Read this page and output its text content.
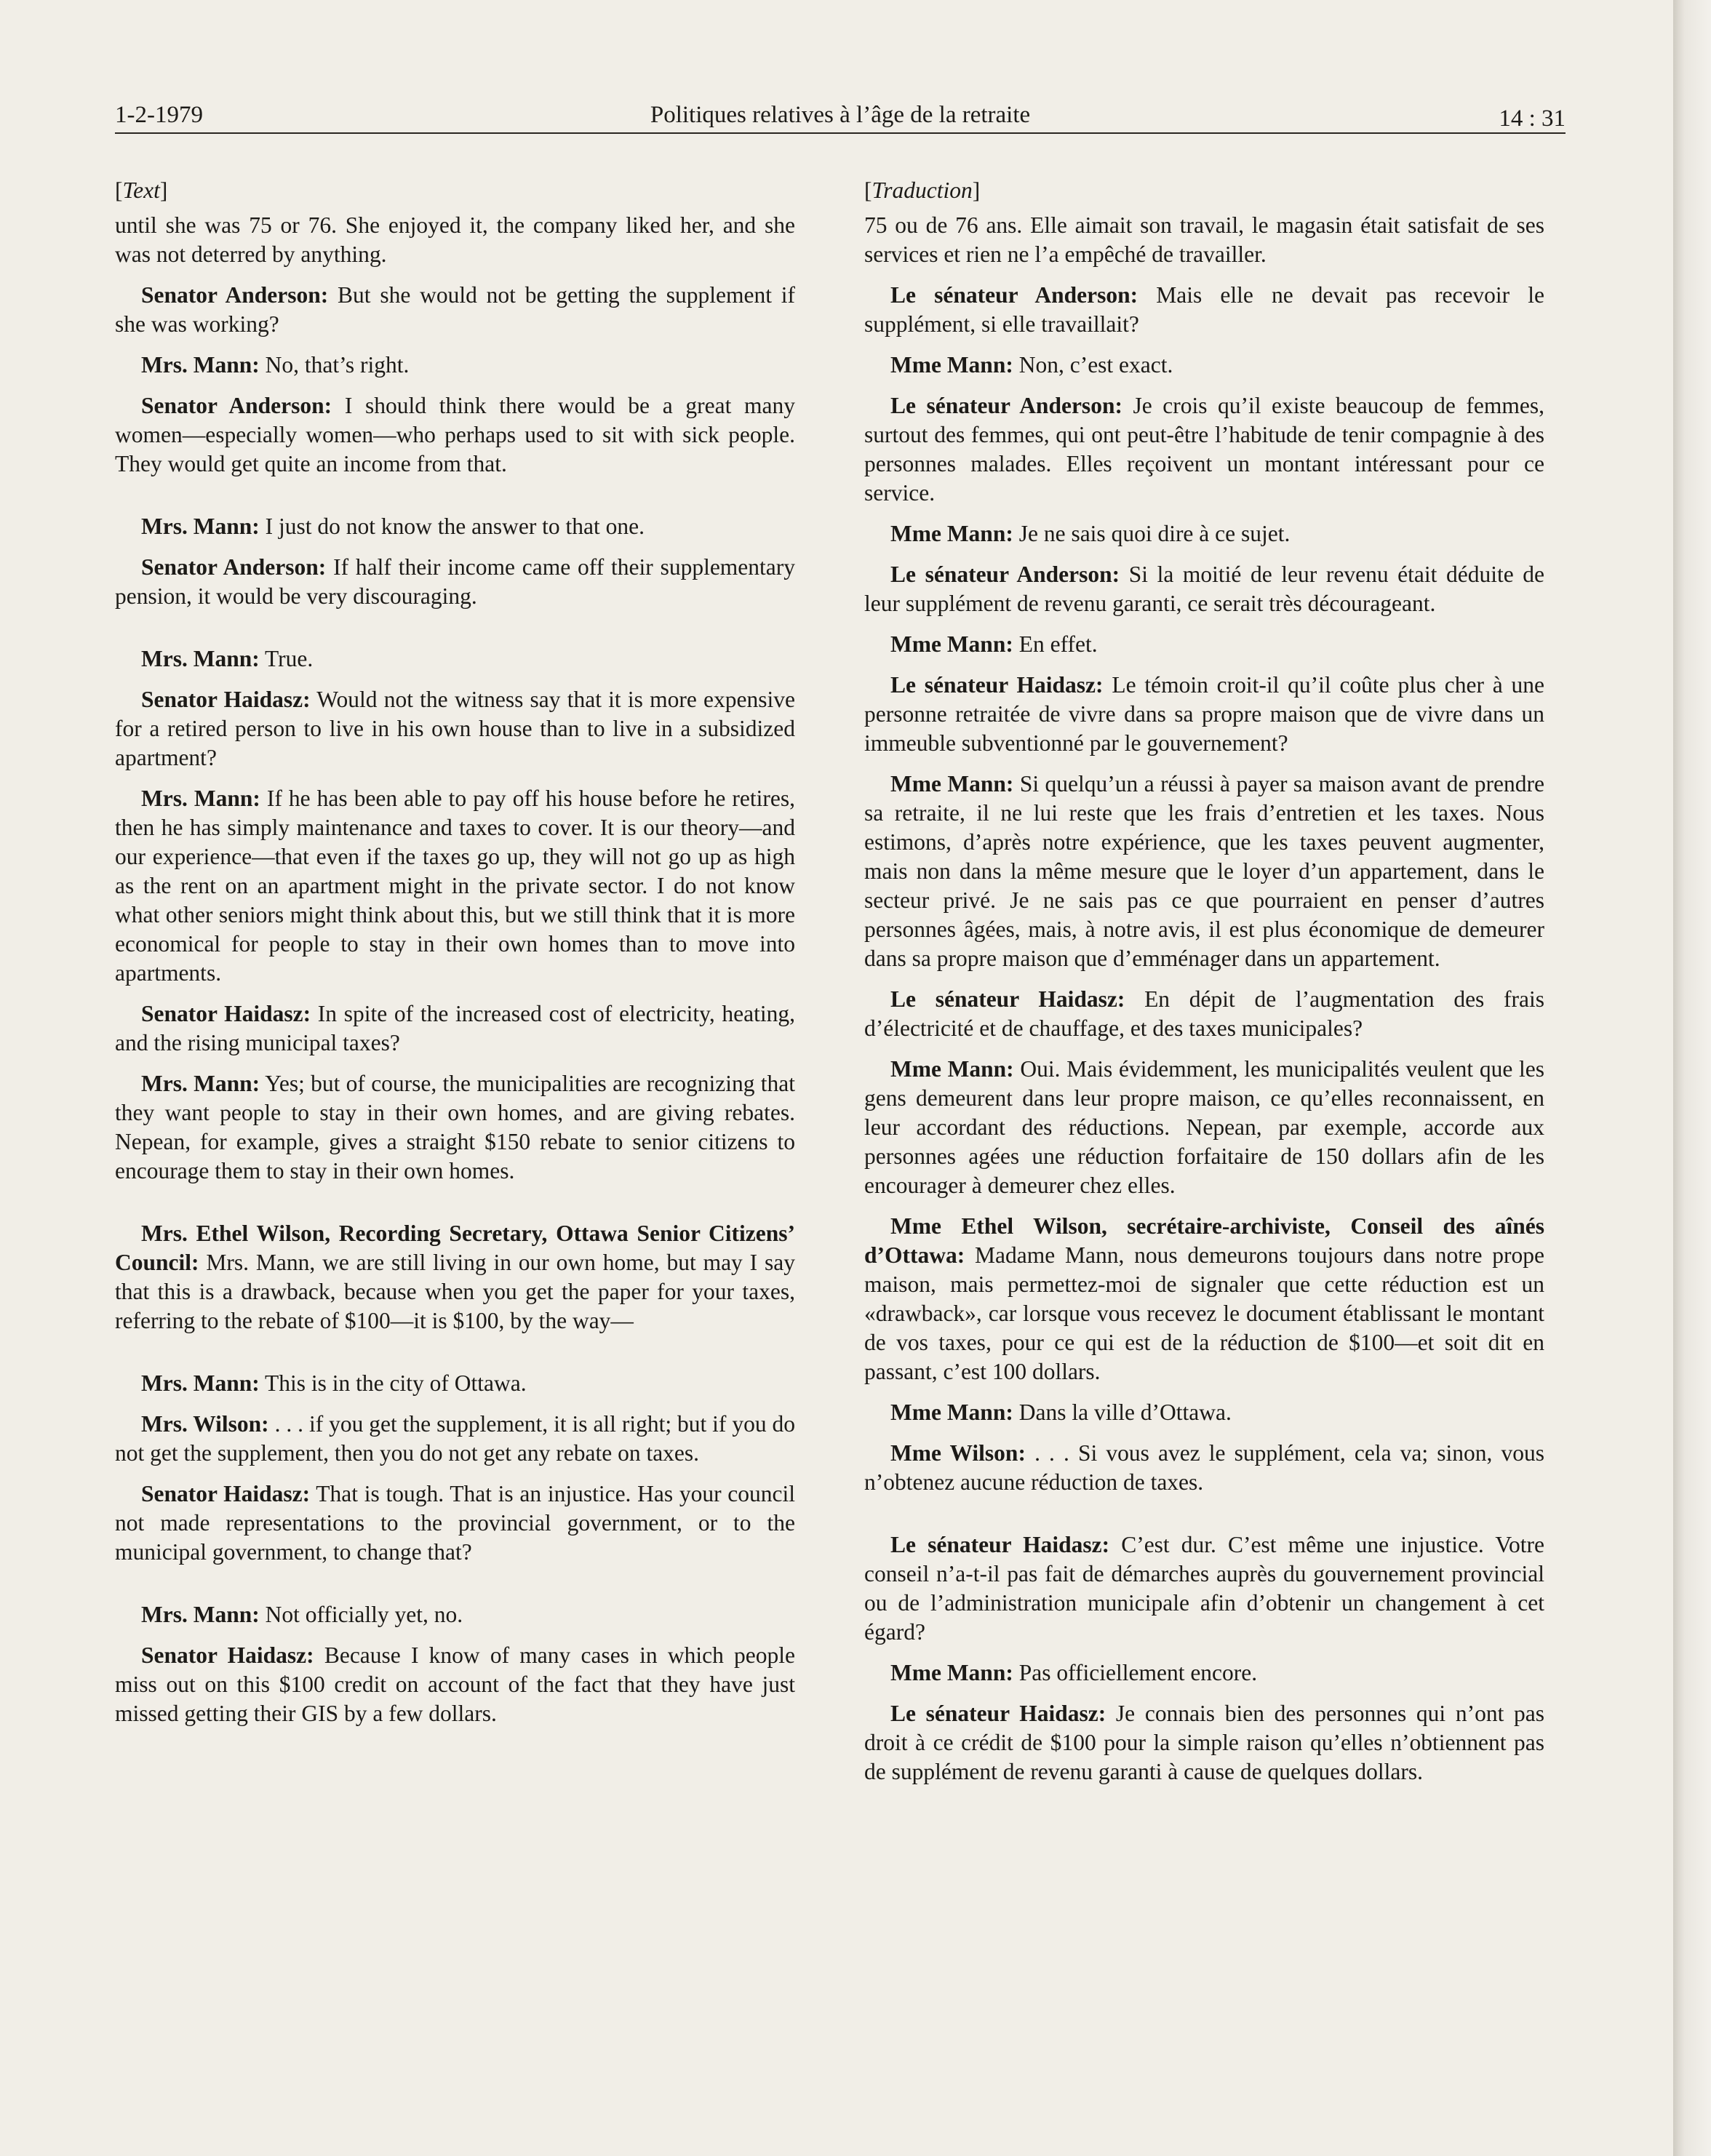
1-2-1979	Politiques relatives à l’âge de la retraite	14 : 31
[Text]

until she was 75 or 76. She enjoyed it, the company liked her, and she was not deterred by anything.

Senator Anderson: But she would not be getting the supplement if she was working?

Mrs. Mann: No, that’s right.

Senator Anderson: I should think there would be a great many women—especially women—who perhaps used to sit with sick people. They would get quite an income from that.

Mrs. Mann: I just do not know the answer to that one.

Senator Anderson: If half their income came off their supplementary pension, it would be very discouraging.

Mrs. Mann: True.

Senator Haidasz: Would not the witness say that it is more expensive for a retired person to live in his own house than to live in a subsidized apartment?

Mrs. Mann: If he has been able to pay off his house before he retires, then he has simply maintenance and taxes to cover. It is our theory—and our experience—that even if the taxes go up, they will not go up as high as the rent on an apartment might in the private sector. I do not know what other seniors might think about this, but we still think that it is more economical for people to stay in their own homes than to move into apartments.

Senator Haidasz: In spite of the increased cost of electricity, heating, and the rising municipal taxes?

Mrs. Mann: Yes; but of course, the municipalities are recognizing that they want people to stay in their own homes, and are giving rebates. Nepean, for example, gives a straight $150 rebate to senior citizens to encourage them to stay in their own homes.

Mrs. Ethel Wilson, Recording Secretary, Ottawa Senior Citizens’ Council: Mrs. Mann, we are still living in our own home, but may I say that this is a drawback, because when you get the paper for your taxes, referring to the rebate of $100—it is $100, by the way—

Mrs. Mann: This is in the city of Ottawa.

Mrs. Wilson: . . . if you get the supplement, it is all right; but if you do not get the supplement, then you do not get any rebate on taxes.

Senator Haidasz: That is tough. That is an injustice. Has your council not made representations to the provincial government, or to the municipal government, to change that?

Mrs. Mann: Not officially yet, no.

Senator Haidasz: Because I know of many cases in which people miss out on this $100 credit on account of the fact that they have just missed getting their GIS by a few dollars.

[Traduction]

75 ou de 76 ans. Elle aimait son travail, le magasin était satisfait de ses services et rien ne l’a empêché de travailler.

Le sénateur Anderson: Mais elle ne devait pas recevoir le supplément, si elle travaillait?

Mme Mann: Non, c’est exact.

Le sénateur Anderson: Je crois qu’il existe beaucoup de femmes, surtout des femmes, qui ont peut-être l’habitude de tenir compagnie à des personnes malades. Elles reçoivent un montant intéressant pour ce service.

Mme Mann: Je ne sais quoi dire à ce sujet.

Le sénateur Anderson: Si la moitié de leur revenu était déduite de leur supplément de revenu garanti, ce serait très décourageant.

Mme Mann: En effet.

Le sénateur Haidasz: Le témoin croit-il qu’il coûte plus cher à une personne retraitée de vivre dans sa propre maison que de vivre dans un immeuble subventionné par le gouvernement?

Mme Mann: Si quelqu’un a réussi à payer sa maison avant de prendre sa retraite, il ne lui reste que les frais d’entretien et les taxes. Nous estimons, d’après notre expérience, que les taxes peuvent augmenter, mais non dans la même mesure que le loyer d’un appartement, dans le secteur privé. Je ne sais pas ce que pourraient en penser d’autres personnes âgées, mais, à notre avis, il est plus économique de demeurer dans sa propre maison que d’emménager dans un appartement.

Le sénateur Haidasz: En dépit de l’augmentation des frais d’électricité et de chauffage, et des taxes municipales?

Mme Mann: Oui. Mais évidemment, les municipalités veulent que les gens demeurent dans leur propre maison, ce qu’elles reconnaissent, en leur accordant des réductions. Nepean, par exemple, accorde aux personnes agées une réduction forfaitaire de 150 dollars afin de les encourager à demeurer chez elles.

Mme Ethel Wilson, secrétaire-archiviste, Conseil des aînés d’Ottawa: Madame Mann, nous demeurons toujours dans notre prope maison, mais permettez-moi de signaler que cette réduction est un «drawback», car lorsque vous recevez le document établissant le montant de vos taxes, pour ce qui est de la réduction de $100—et soit dit en passant, c’est 100 dollars.

Mme Mann: Dans la ville d’Ottawa.

Mme Wilson: . . . Si vous avez le supplément, cela va; sinon, vous n’obtenez aucune réduction de taxes.

Le sénateur Haidasz: C’est dur. C’est même une injustice. Votre conseil n’a-t-il pas fait de démarches auprès du gouvernement provincial ou de l’administration municipale afin d’obtenir un changement à cet égard?

Mme Mann: Pas officiellement encore.

Le sénateur Haidasz: Je connais bien des personnes qui n’ont pas droit à ce crédit de $100 pour la simple raison qu’elles n’obtiennent pas de supplément de revenu garanti à cause de quelques dollars.
